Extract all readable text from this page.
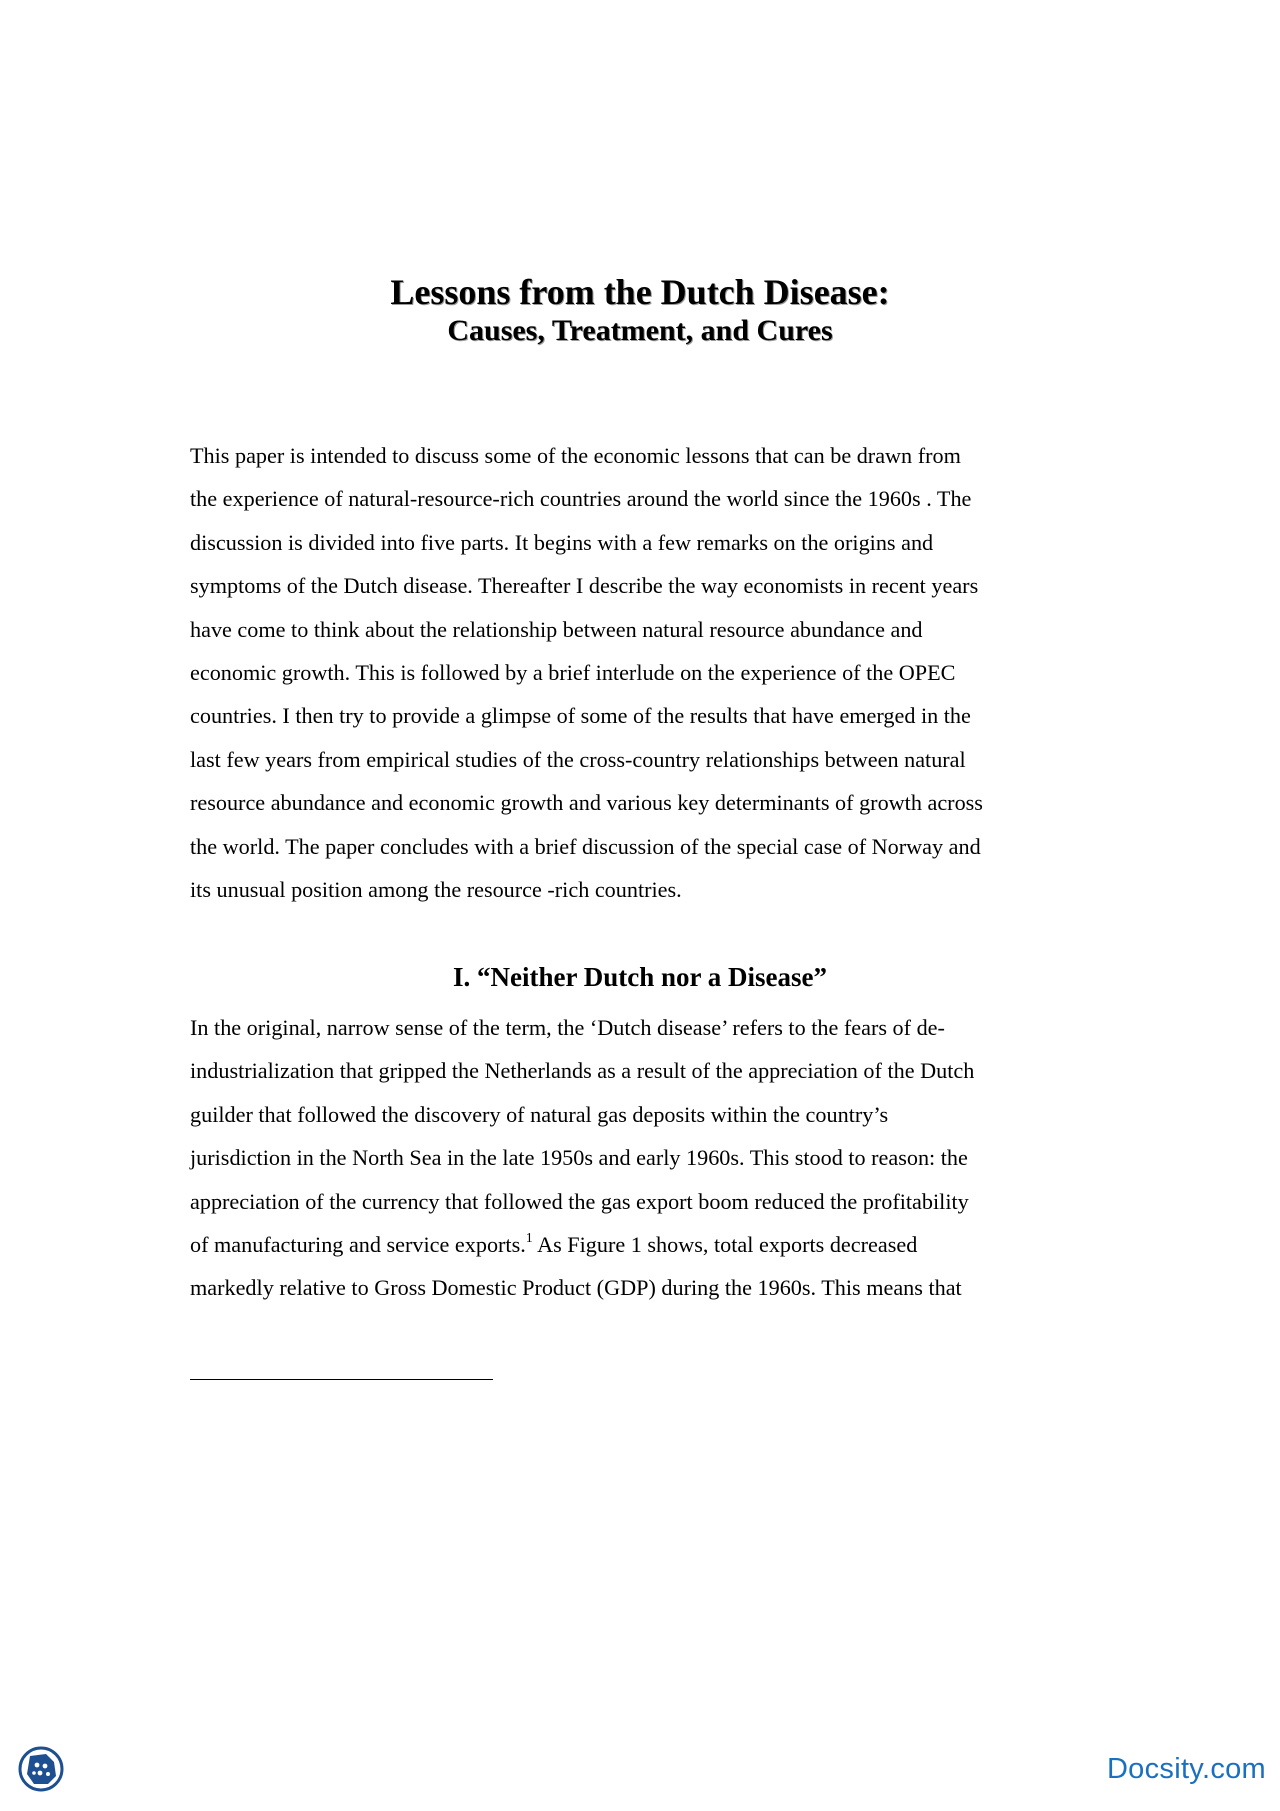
Lessons from the Dutch Disease:
Causes, Treatment, and Cures

This paper is intended to discuss some of the economic lessons that can be drawn from
the experience of natural-resource-rich countries around the world since the 1960s . The
discussion is divided into five parts. It begins with a few remarks on the origins and
symptoms of the Dutch disease. Thereafter I describe the way economists in recent years
have come to think about the relationship between natural resource abundance and
economic growth. This is followed by a brief interlude on the experience of the OPEC
countries. I then try to provide a glimpse of some of the results that have emerged in the
last few years from empirical studies of the cross-country relationships between natural
resource abundance and economic growth and various key determinants of growth across
the world. The paper concludes with a brief discussion of the special case of Norway and
its unusual position among the resource -rich countries.

I. “Neither Dutch nor a Disease”

In the original, narrow sense of the term, the ‘Dutch disease’ refers to the fears of de-
industrialization that gripped the Netherlands as a result of the appreciation of the Dutch
guilder that followed the discovery of natural gas deposits within the country’s
jurisdiction in the North Sea in the late 1950s and early 1960s. This stood to reason: the
appreciation of the currency that followed the gas export boom reduced the profitability
of manufacturing and service exports.$^1$ As Figure 1 shows, total exports decreased
markedly relative to Gross Domestic Product (GDP) during the 1960s. This means that

Docsity.com
